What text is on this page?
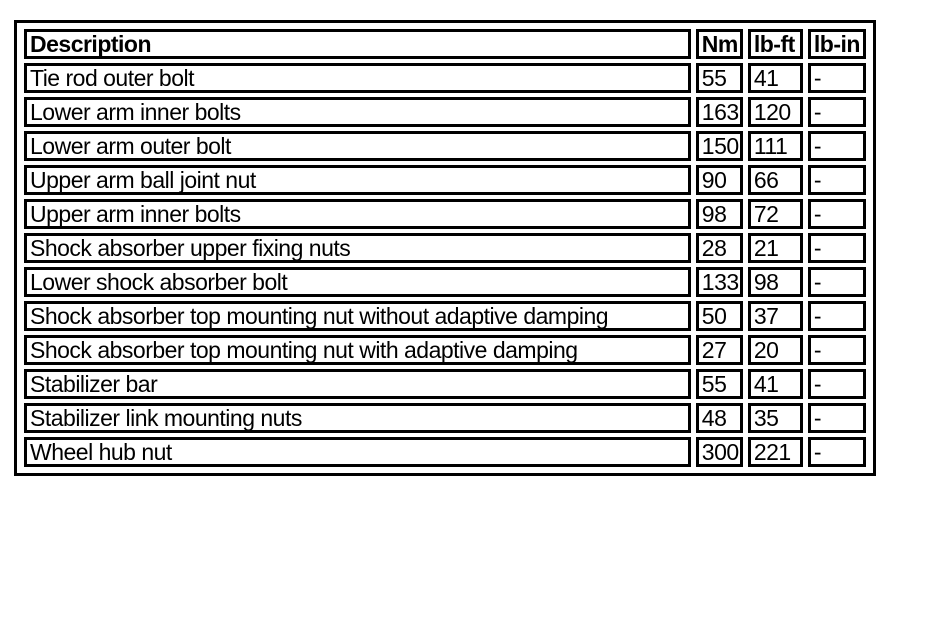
Description	Nm	lb-ft	lb-in
Tie rod outer bolt	55	41	-
Lower arm inner bolts	163	120	-
Lower arm outer bolt	150	111	-
Upper arm ball joint nut	90	66	-
Upper arm inner bolts	98	72	-
Shock absorber upper fixing nuts	28	21	-
Lower shock absorber bolt	133	98	-
Shock absorber top mounting nut without adaptive damping	50	37	-
Shock absorber top mounting nut with adaptive damping	27	20	-
Stabilizer bar	55	41	-
Stabilizer link mounting nuts	48	35	-
Wheel hub nut	300	221	-
